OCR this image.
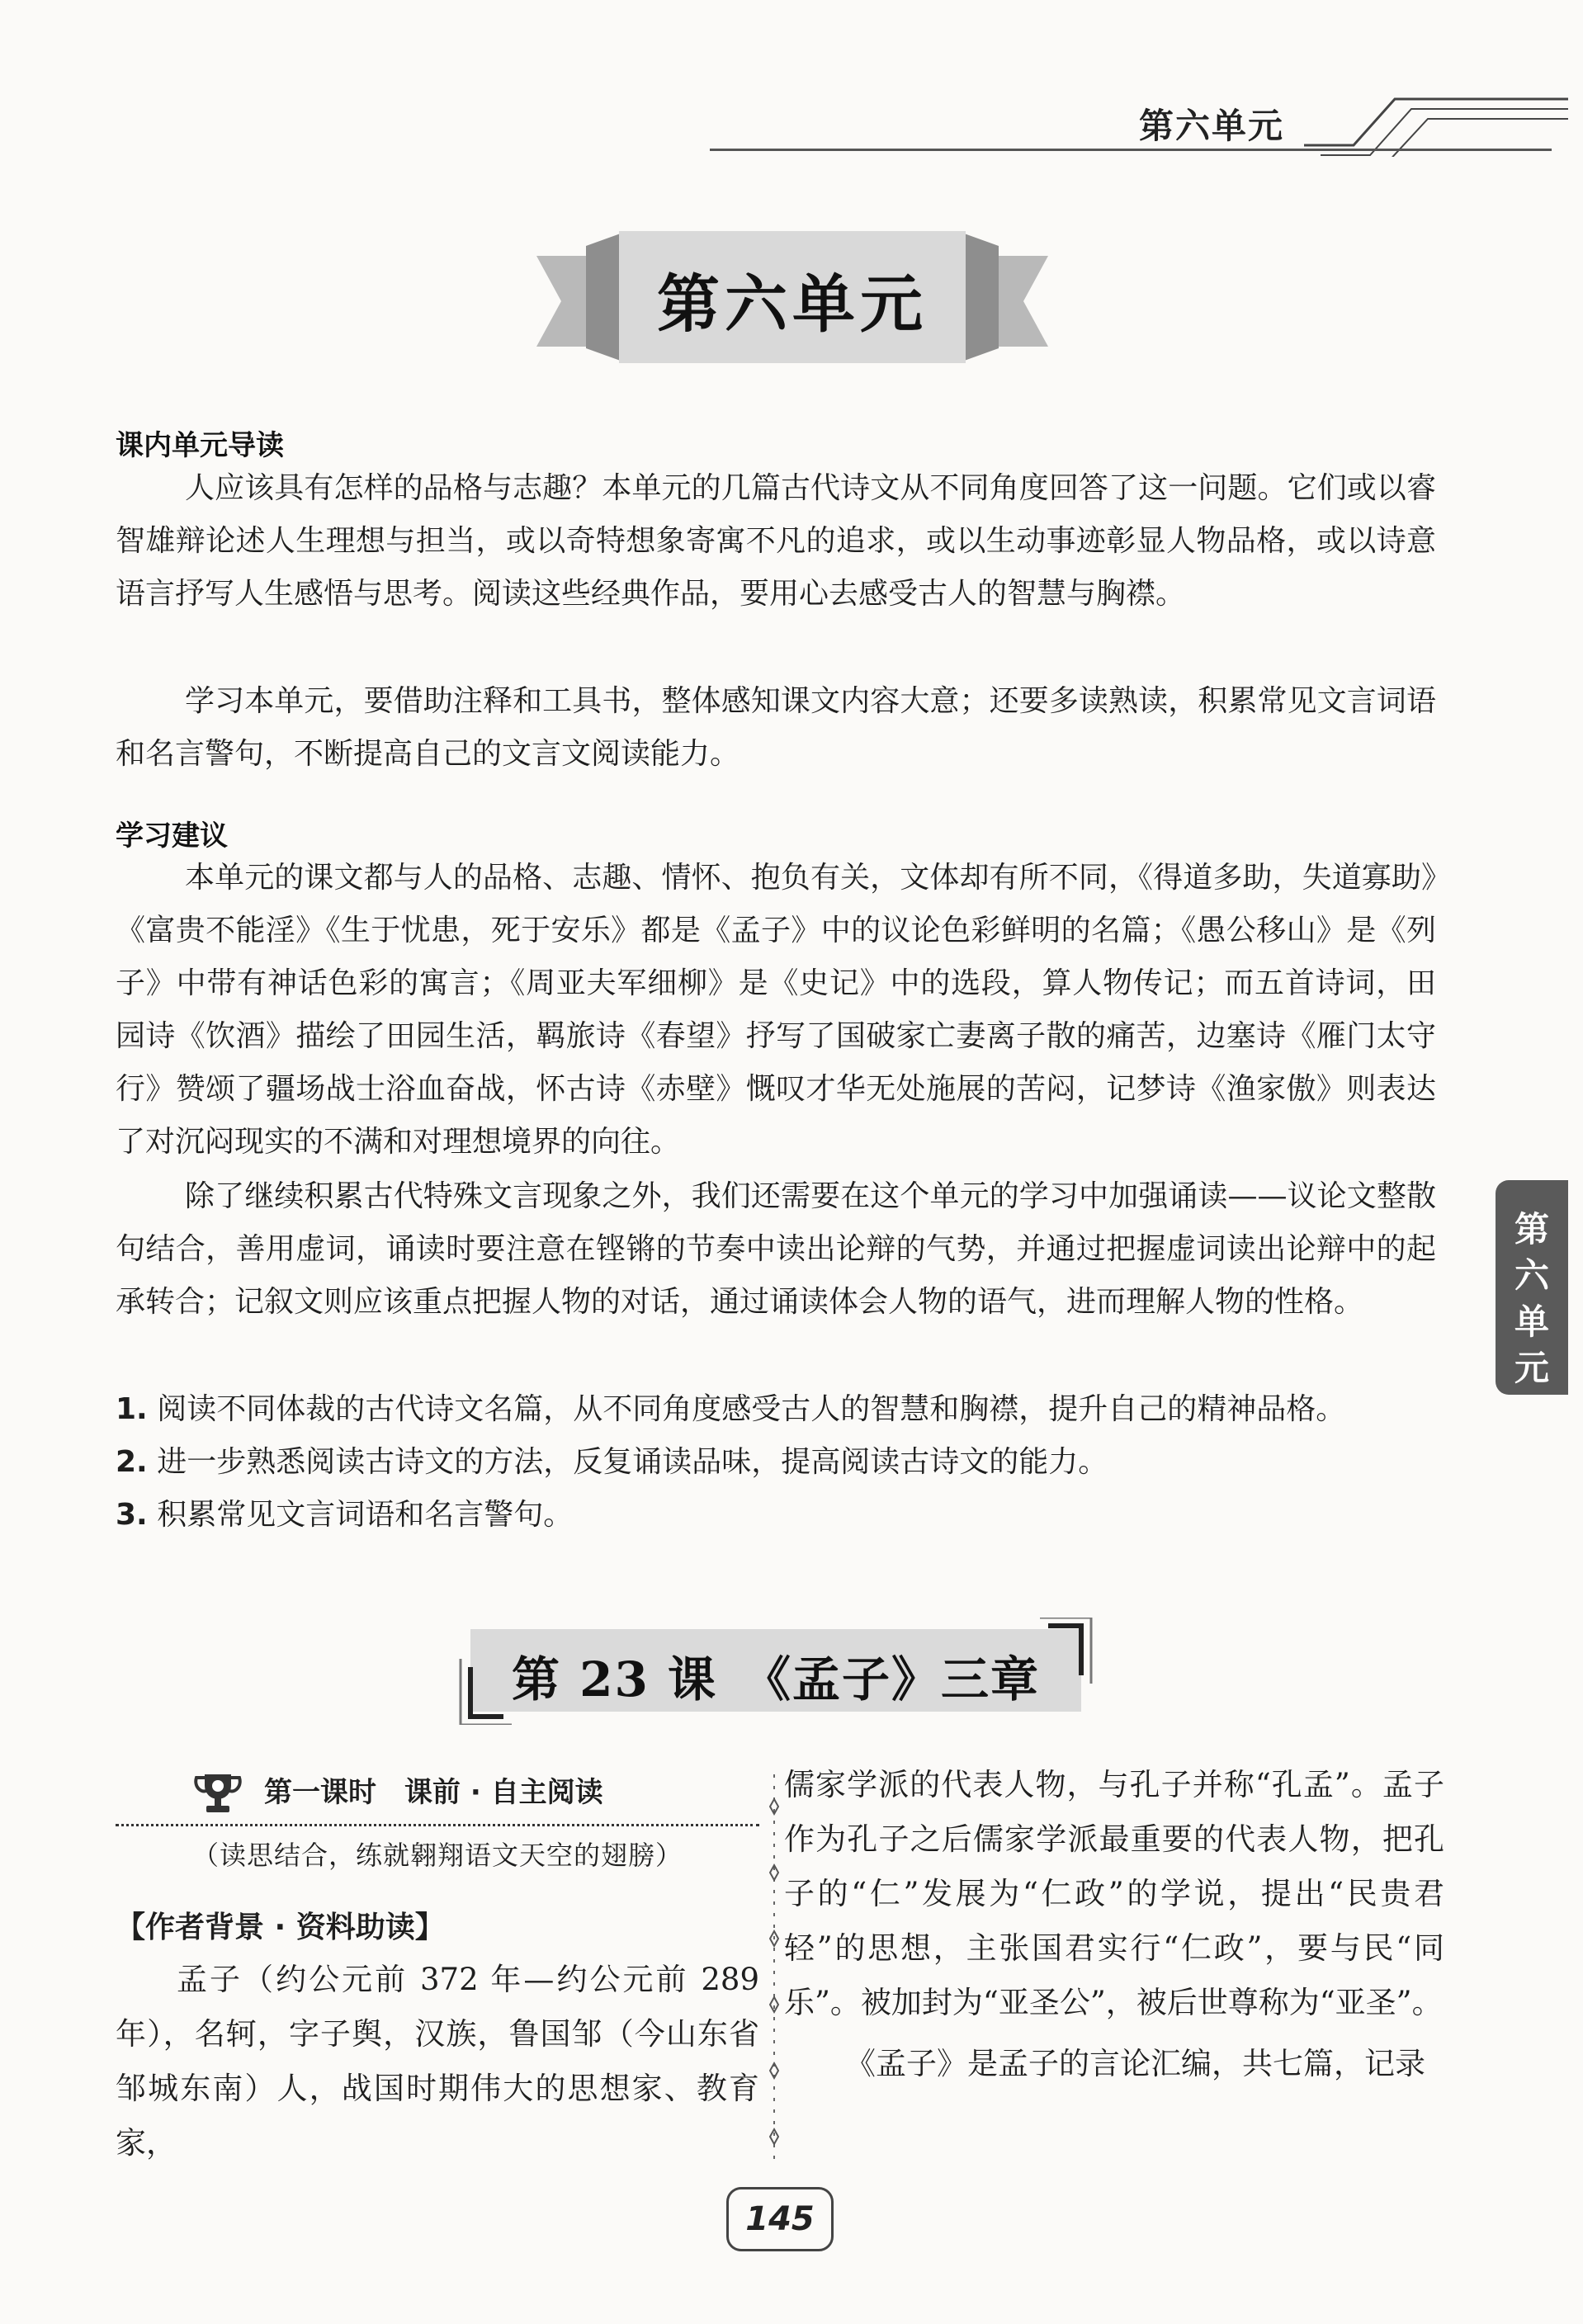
第六单元
第六单元
课内单元导读

人应该具有怎样的品格与志趣？本单元的几篇古代诗文从不同角度回答了这一问题。它们或以睿智雄辩论述人生理想与担当，或以奇特想象寄寓不凡的追求，或以生动事迹彰显人物品格，或以诗意语言抒写人生感悟与思考。阅读这些经典作品，要用心去感受古人的智慧与胸襟。

学习本单元，要借助注释和工具书，整体感知课文内容大意；还要多读熟读，积累常见文言词语和名言警句，不断提高自己的文言文阅读能力。

学习建议

本单元的课文都与人的品格、志趣、情怀、抱负有关，文体却有所不同，《得道多助，失道寡助》《富贵不能淫》《生于忧患，死于安乐》都是《孟子》中的议论色彩鲜明的名篇；《愚公移山》是《列子》中带有神话色彩的寓言；《周亚夫军细柳》是《史记》中的选段，算人物传记；而五首诗词，田园诗《饮酒》描绘了田园生活，羁旅诗《春望》抒写了国破家亡妻离子散的痛苦，边塞诗《雁门太守行》赞颂了疆场战士浴血奋战，怀古诗《赤壁》慨叹才华无处施展的苦闷，记梦诗《渔家傲》则表达了对沉闷现实的不满和对理想境界的向往。

除了继续积累古代特殊文言现象之外，我们还需要在这个单元的学习中加强诵读——议论文整散句结合，善用虚词，诵读时要注意在铿锵的节奏中读出论辩的气势，并通过把握虚词读出论辩中的起承转合；记叙文则应该重点把握人物的对话，通过诵读体会人物的语气，进而理解人物的性格。

1. 阅读不同体裁的古代诗文名篇，从不同角度感受古人的智慧和胸襟，提升自己的精神品格。
2. 进一步熟悉阅读古诗文的方法，反复诵读品味，提高阅读古诗文的能力。
3. 积累常见文言词语和名言警句。
第
六
单
元
第 23 课　《孟子》三章
第一课时　课前 · 自主阅读
（读思结合，练就翱翔语文天空的翅膀）
【作者背景 · 资料助读】

孟子（约公元前 372 年—约公元前 289 年），名轲，字子舆，汉族，鲁国邹（今山东省邹城东南）人，战国时期伟大的思想家、教育家，

儒家学派的代表人物，与孔子并称“孔孟”。孟子作为孔子之后儒家学派最重要的代表人物，把孔子的“仁”发展为“仁政”的学说，提出“民贵君轻”的思想，主张国君实行“仁政”，要与民“同乐”。被加封为“亚圣公”，被后世尊称为“亚圣”。

《孟子》是孟子的言论汇编，共七篇，记录

145
